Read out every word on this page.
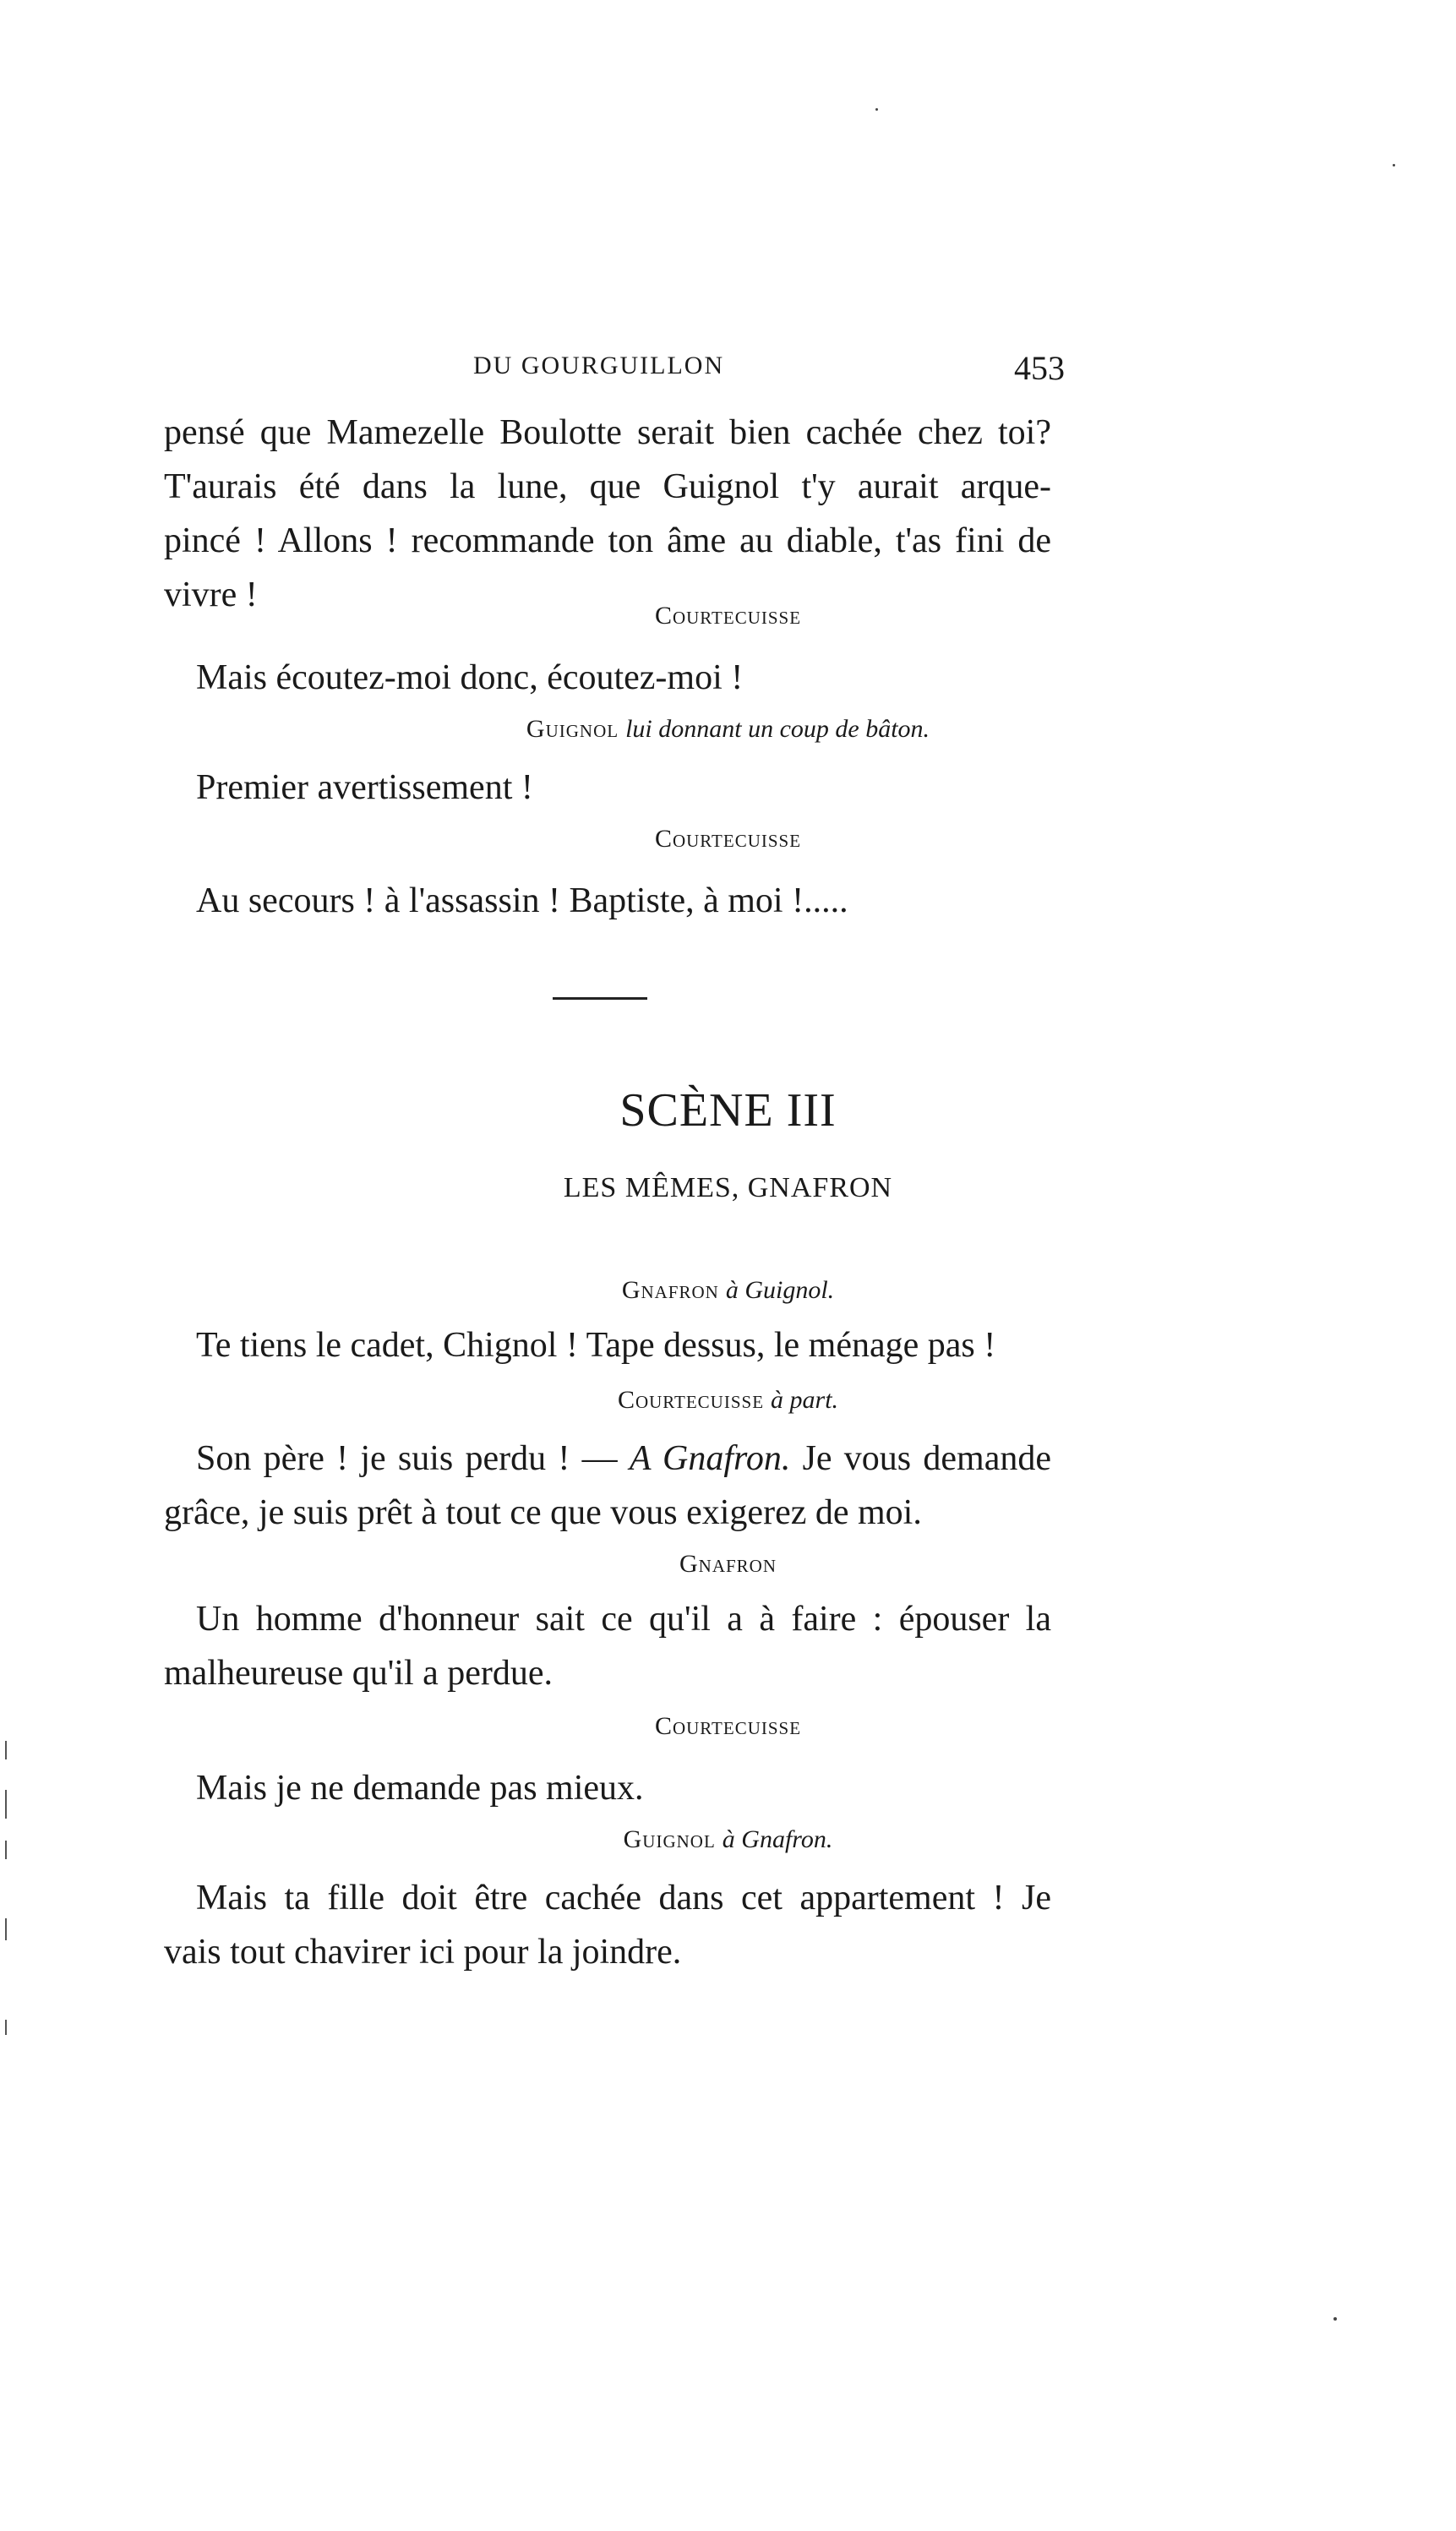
DU GOURGUILLON	453
pensé que Mamezelle Boulotte serait bien cachée chez toi?
T'aurais été dans la lune, que Guignol t'y aurait arque-
pincé ! Allons ! recommande ton âme au diable, t'as fini de
vivre !
Courtecuisse
Mais écoutez-moi donc, écoutez-moi !
Guignol lui donnant un coup de bâton.
Premier avertissement !
Courtecuisse
Au secours ! à l'assassin ! Baptiste, à moi !.....
SCÈNE III
LES MÊMES, GNAFRON
Gnafron à Guignol.
Te tiens le cadet, Chignol ! Tape dessus, le ménage pas !
Courtecuisse à part.
Son père ! je suis perdu ! — A Gnafron. Je vous demande
grâce, je suis prêt à tout ce que vous exigerez de moi.
Gnafron
Un homme d'honneur sait ce qu'il a à faire : épouser la
malheureuse qu'il a perdue.
Courtecuisse
Mais je ne demande pas mieux.
Guignol à Gnafron.
Mais ta fille doit être cachée dans cet appartement ! Je
vais tout chavirer ici pour la joindre.
